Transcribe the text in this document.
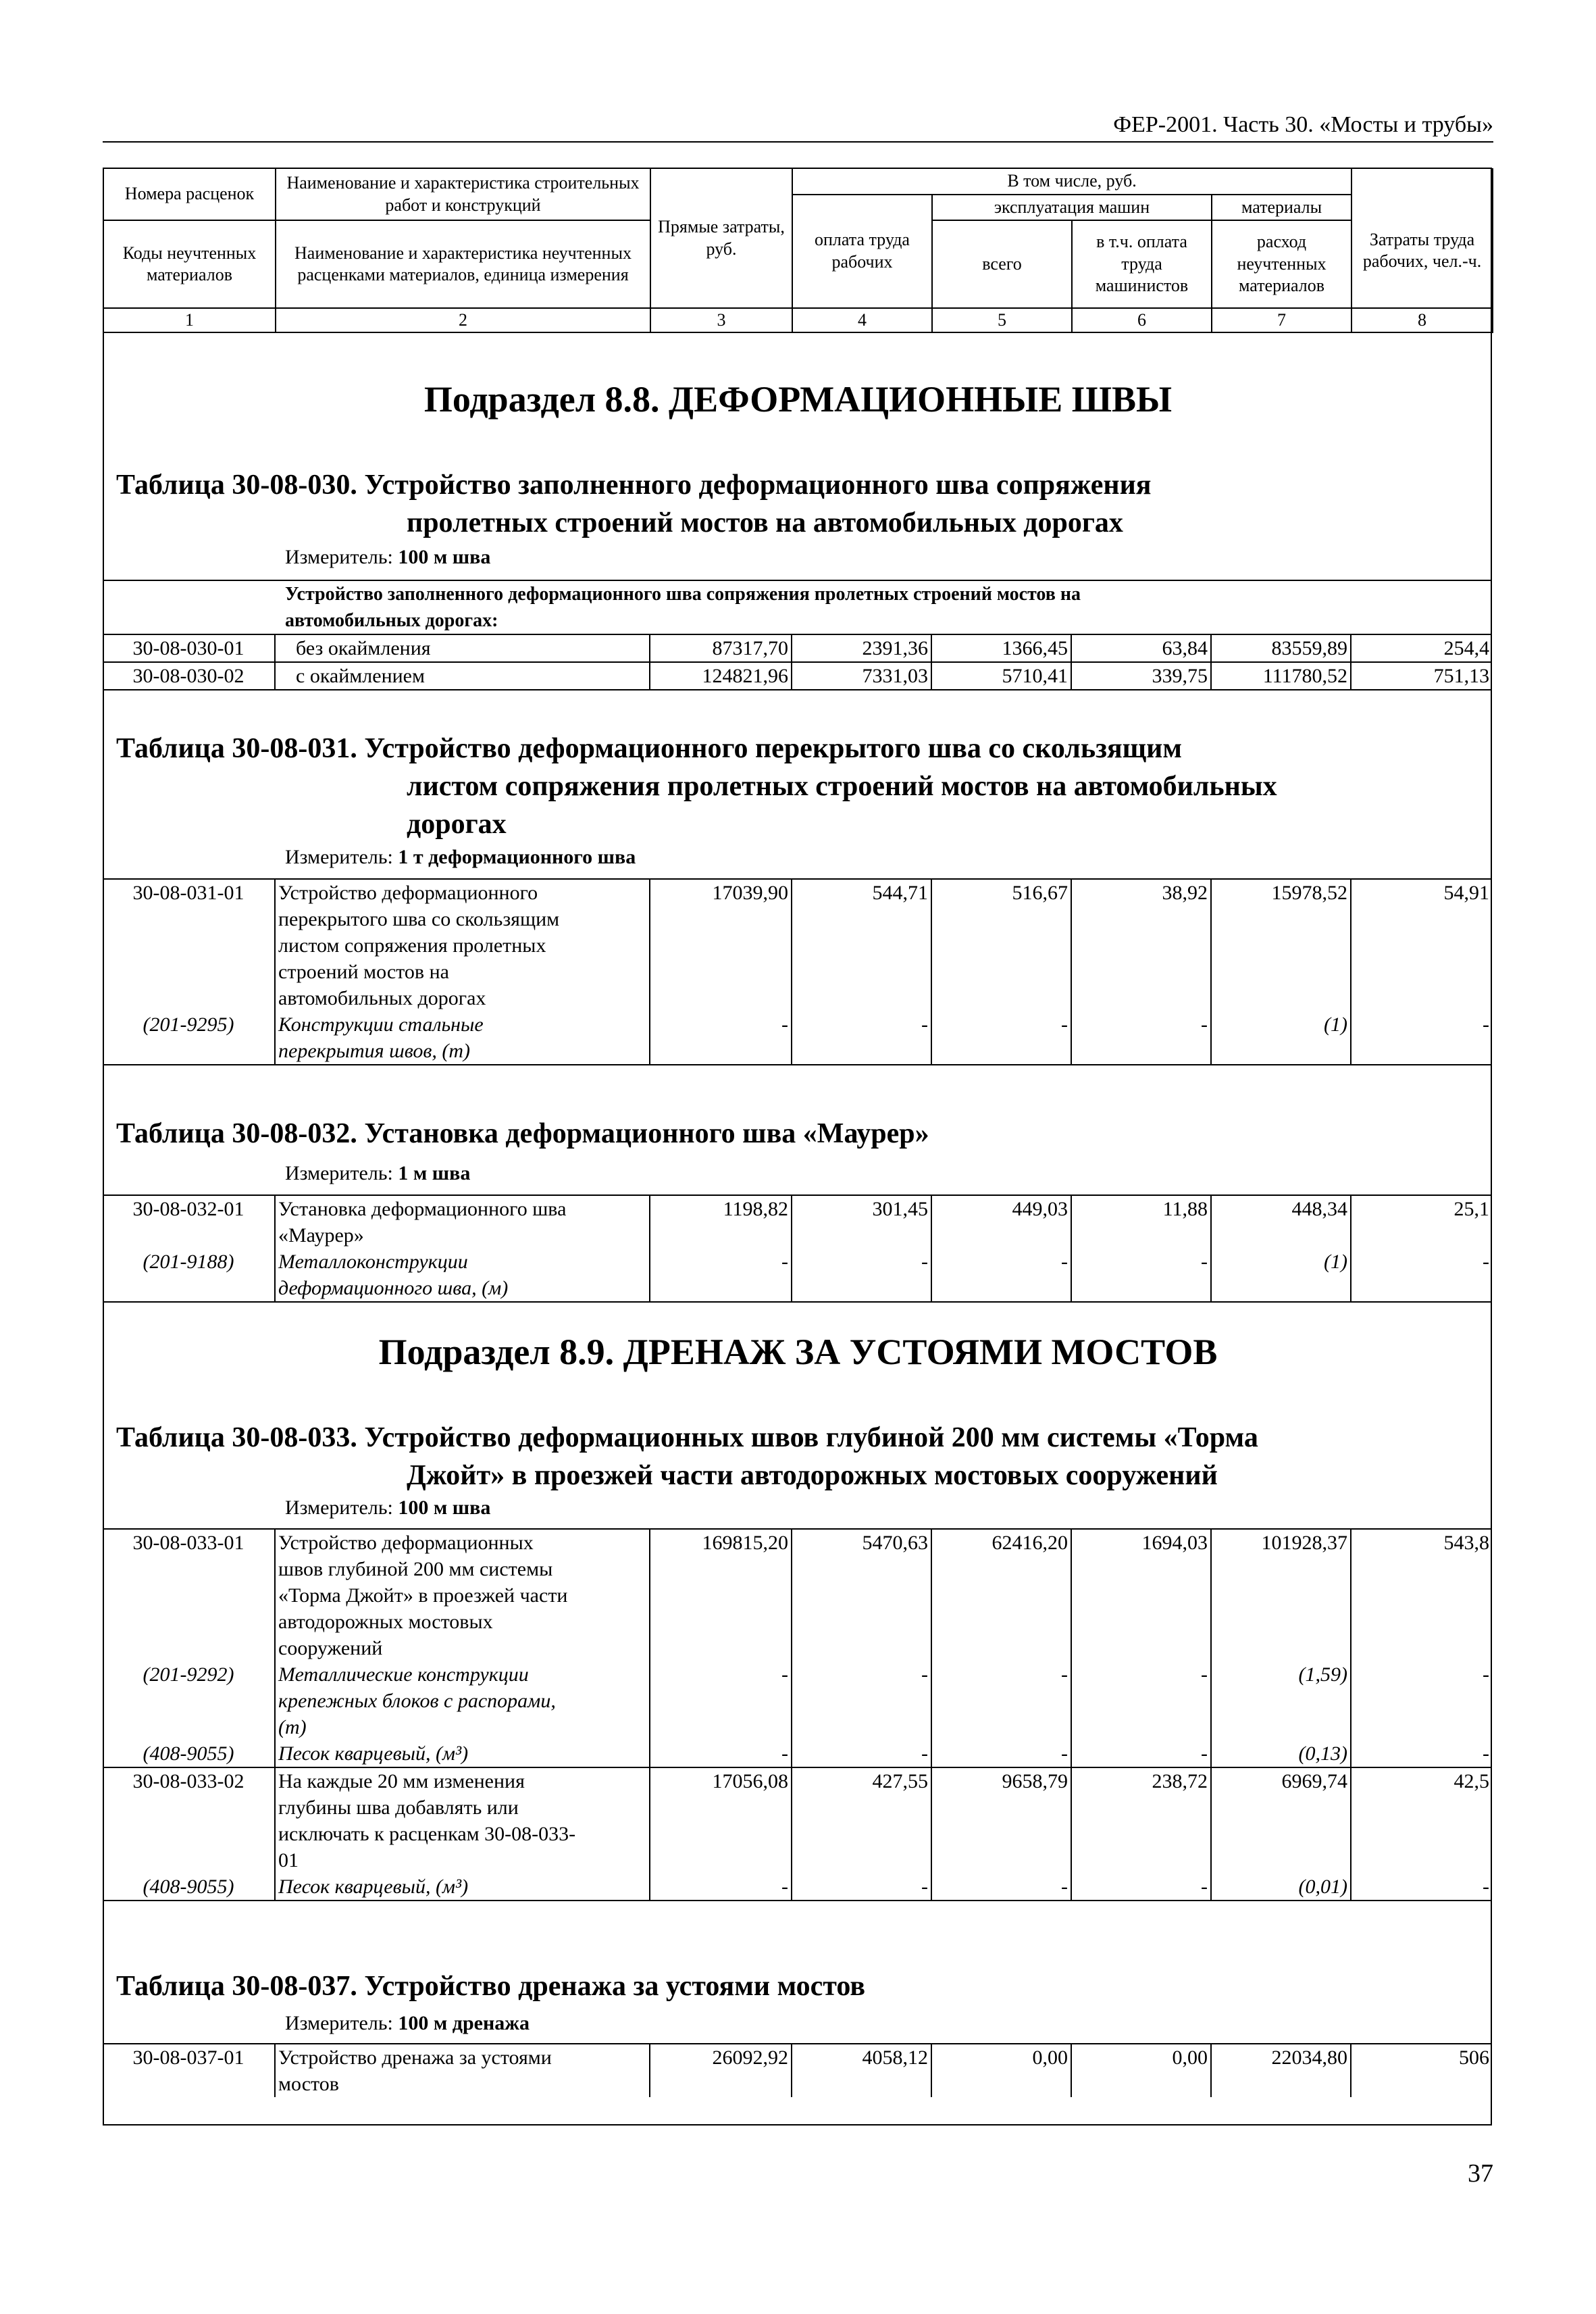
ФЕР-2001. Часть 30. «Мосты и трубы»
Номера расценок	Наименование и характеристика строительных работ и конструкций	Прямые затраты, руб.	В том числе, руб.				
			оплата труда рабочих	эксплуатация машин		материалы	Затраты труда рабочих, чел.-ч.
Коды неучтенных материалов	Наименование и характеристика неучтенных расценками материалов, единица измерения			всего	в т.ч. оплата труда машинистов	расход неучтенных материалов	

1	2	3	4	5	6	7	8
Подраздел 8.8. ДЕФОРМАЦИОННЫЕ ШВЫ
Таблица 30-08-030. Устройство заполненного деформационного шва сопряжения
пролетных строений мостов на автомобильных дорогах
Измеритель: 100 м шва
Устройство заполненного деформационного шва сопряжения пролетных строений мостов на							
автомобильных дорогах:							
30-08-030-01	без окаймления	87317,70	2391,36	1366,45	63,84	83559,89	254,4
30-08-030-02	с окаймлением	124821,96	7331,03	5710,41	339,75	111780,52	751,13
Таблица 30-08-031. Устройство деформационного перекрытого шва со скользящим
листом сопряжения пролетных строений мостов на автомобильных
дорогах
Измеритель: 1 т деформационного шва
30-08-031-01	Устройство деформационного
перекрытого шва со скользящим
листом сопряжения пролетных
строений мостов на
автомобильных дорогах	17039,90	544,71	516,67	38,92	15978,52	54,91
(201-9295)	Конструкции стальные
перекрытия швов, (т)	-	-	-	-	(1)	-
Таблица 30-08-032. Установка деформационного шва «Маурер»
Измеритель: 1 м шва
30-08-032-01	Установка деформационного шва
«Маурер»	1198,82	301,45	449,03	11,88	448,34	25,1
(201-9188)	Металлоконструкции
деформационного шва, (м)	-	-	-	-	(1)	-
Подраздел 8.9. ДРЕНАЖ ЗА УСТОЯМИ МОСТОВ
Таблица 30-08-033. Устройство деформационных швов глубиной 200 мм системы «Торма
Джойт» в проезжей части автодорожных мостовых сооружений
Измеритель: 100 м шва
30-08-033-01	Устройство деформационных
швов глубиной 200 мм системы
«Торма Джойт» в проезжей части
автодорожных мостовых
сооружений	169815,20	5470,63	62416,20	1694,03	101928,37	543,8
(201-9292)	Металлические конструкции
крепежных блоков с распорами,
(т)	-	-	-	-	(1,59)	-
(408-9055)	Песок кварцевый, (м³)	-	-	-	-	(0,13)	-
30-08-033-02	На каждые 20 мм изменения
глубины шва добавлять или
исключать к расценкам 30-08-033-
01	17056,08	427,55	9658,79	238,72	6969,74	42,5
(408-9055)	Песок кварцевый, (м³)	-	-	-	-	(0,01)	-
Таблица 30-08-037. Устройство дренажа за устоями мостов
Измеритель: 100 м дренажа
30-08-037-01	Устройство дренажа за устоями
мостов
	26092,92	4058,12	0,00	0,00	22034,80	506
37
